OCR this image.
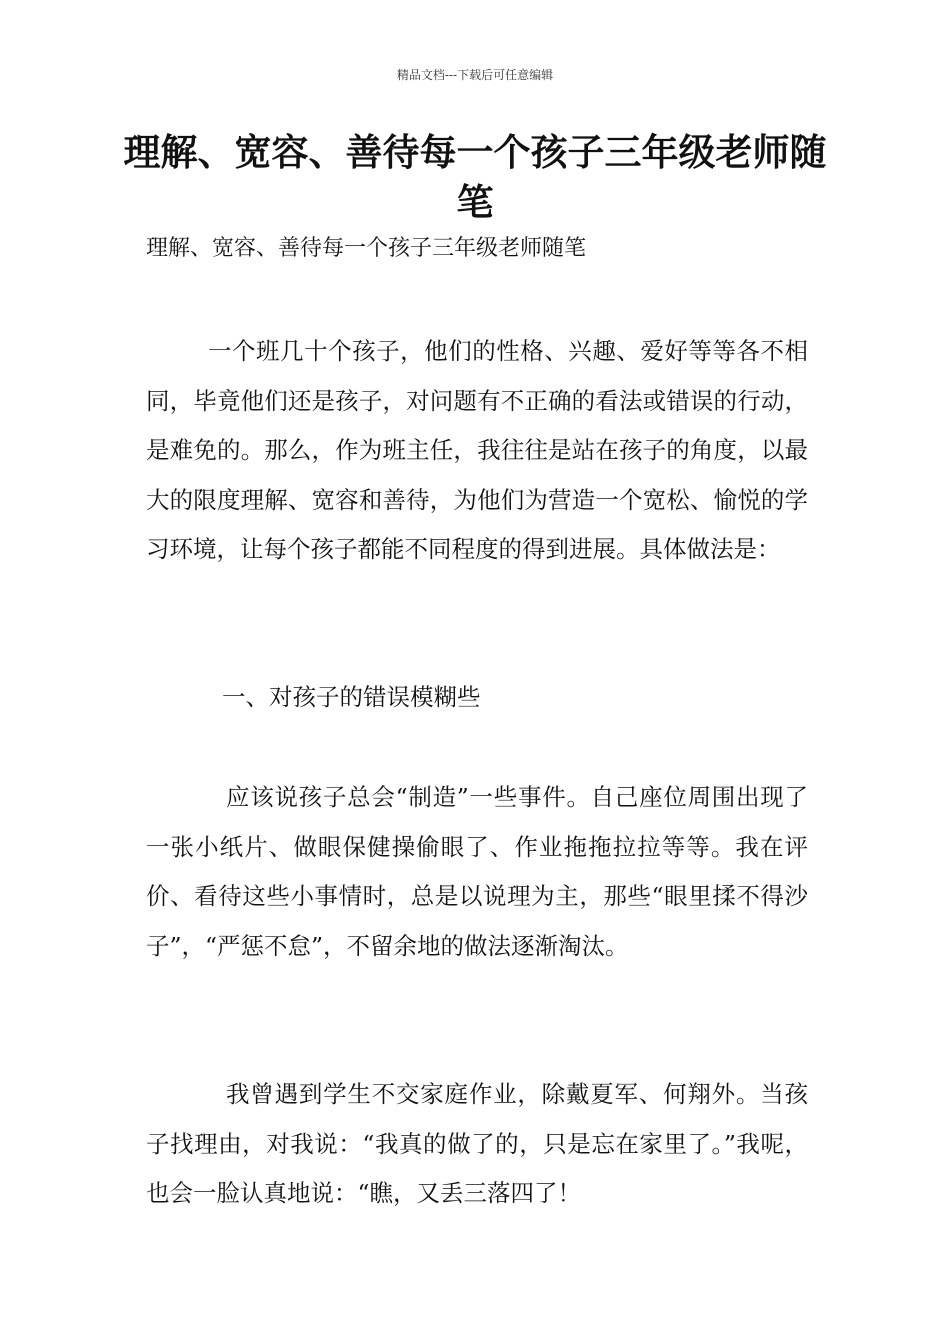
精品文档---下载后可任意编辑
理解、宽容、善待每一个孩子三年级老师随笔

理解、宽容、善待每一个孩子三年级老师随笔

一个班几十个孩子，他们的性格、兴趣、爱好等等各不相同，毕竟他们还是孩子，对问题有不正确的看法或错误的行动，是难免的。那么，作为班主任，我往往是站在孩子的角度，以最大的限度理解、宽容和善待，为他们为营造一个宽松、愉悦的学习环境，让每个孩子都能不同程度的得到进展。具体做法是：

一、对孩子的错误模糊些

应该说孩子总会“制造”一些事件。自己座位周围出现了一张小纸片、做眼保健操偷眼了、作业拖拖拉拉等等。我在评价、看待这些小事情时，总是以说理为主，那些“眼里揉不得沙子”，“严惩不怠”，不留余地的做法逐渐淘汰。

我曾遇到学生不交家庭作业，除戴夏军、何翔外。当孩子找理由，对我说：“我真的做了的，只是忘在家里了。”我呢，也会一脸认真地说：“瞧，又丢三落四了！
